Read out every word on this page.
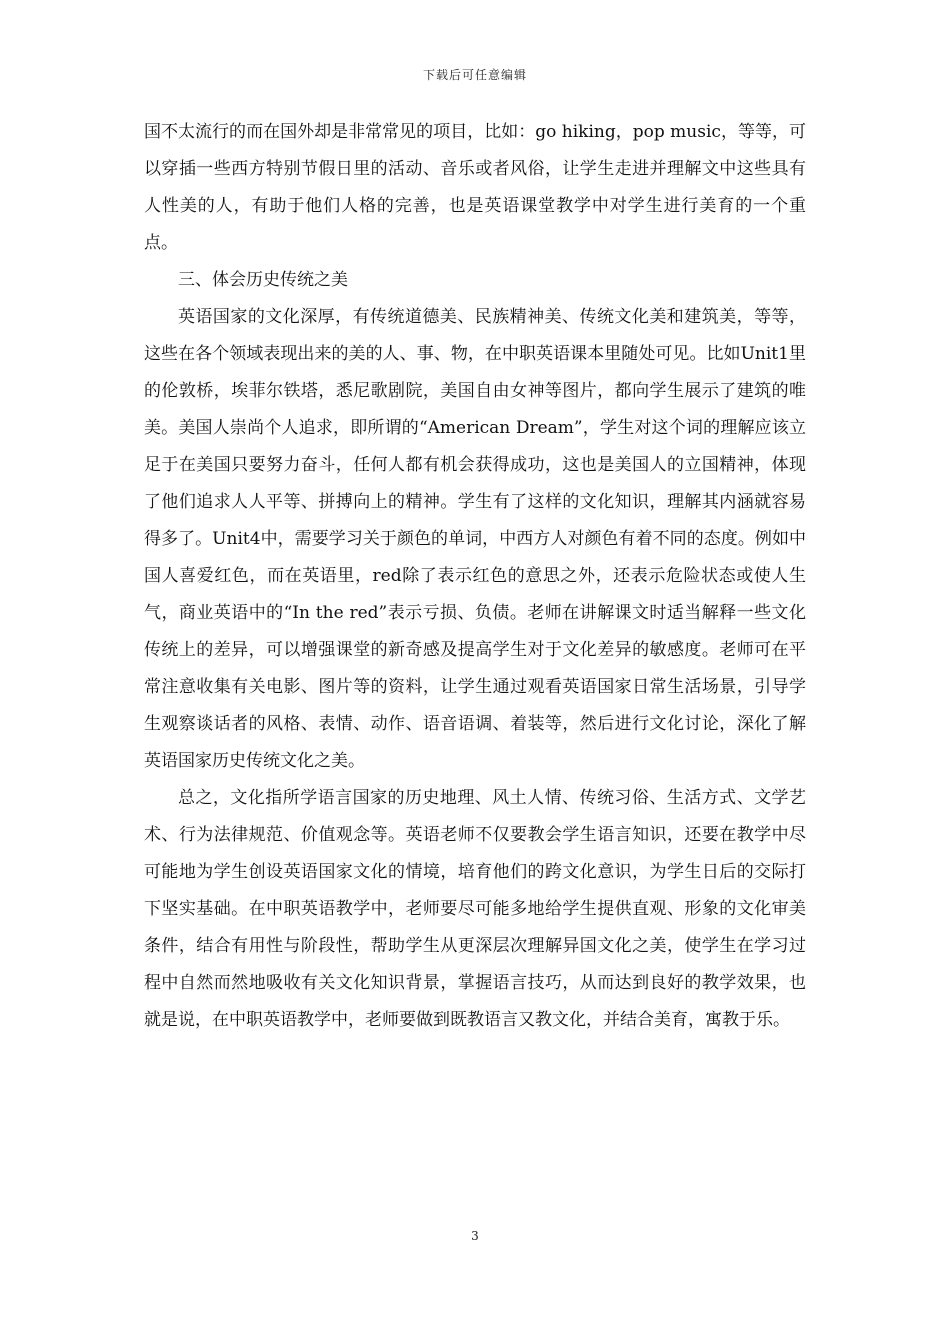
下载后可任意编辑

国不太流行的而在国外却是非常常见的项目，比如：go hiking，pop music，等等，可以穿插一些西方特别节假日里的活动、音乐或者风俗，让学生走进并理解文中这些具有人性美的人，有助于他们人格的完善，也是英语课堂教学中对学生进行美育的一个重点。

三、体会历史传统之美

英语国家的文化深厚，有传统道德美、民族精神美、传统文化美和建筑美，等等，这些在各个领域表现出来的美的人、事、物，在中职英语课本里随处可见。比如Unit1里的伦敦桥，埃菲尔铁塔，悉尼歌剧院，美国自由女神等图片，都向学生展示了建筑的唯美。美国人崇尚个人追求，即所谓的“American Dream”，学生对这个词的理解应该立足于在美国只要努力奋斗，任何人都有机会获得成功，这也是美国人的立国精神，体现了他们追求人人平等、拼搏向上的精神。学生有了这样的文化知识，理解其内涵就容易得多了。Unit4中，需要学习关于颜色的单词，中西方人对颜色有着不同的态度。例如中国人喜爱红色，而在英语里，red除了表示红色的意思之外，还表示危险状态或使人生气，商业英语中的“In the red”表示亏损、负债。老师在讲解课文时适当解释一些文化传统上的差异，可以增强课堂的新奇感及提高学生对于文化差异的敏感度。老师可在平常注意收集有关电影、图片等的资料，让学生通过观看英语国家日常生活场景，引导学生观察谈话者的风格、表情、动作、语音语调、着装等，然后进行文化讨论，深化了解英语国家历史传统文化之美。

总之，文化指所学语言国家的历史地理、风土人情、传统习俗、生活方式、文学艺术、行为法律规范、价值观念等。英语老师不仅要教会学生语言知识，还要在教学中尽可能地为学生创设英语国家文化的情境，培育他们的跨文化意识，为学生日后的交际打下坚实基础。在中职英语教学中，老师要尽可能多地给学生提供直观、形象的文化审美条件，结合有用性与阶段性，帮助学生从更深层次理解异国文化之美，使学生在学习过程中自然而然地吸收有关文化知识背景，掌握语言技巧，从而达到良好的教学效果，也就是说，在中职英语教学中，老师要做到既教语言又教文化，并结合美育，寓教于乐。

3
